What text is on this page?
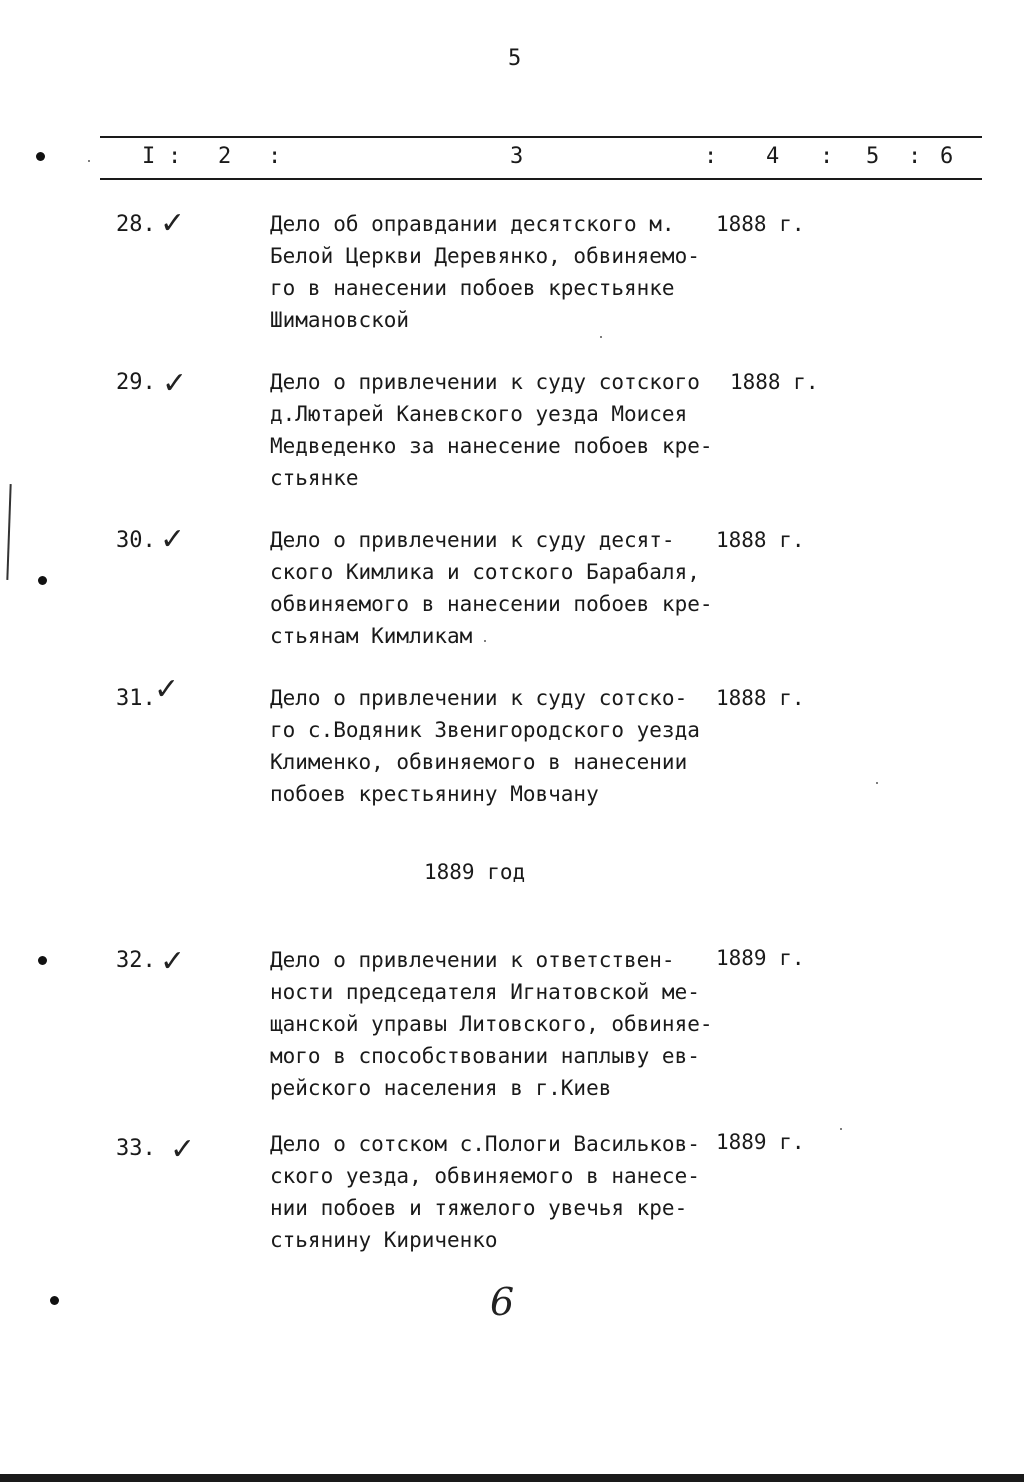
5
I : 2 :	3	: 4 : 5 : 6
28. ✓	Дело об оправдании десятского м.
Белой Церкви Деревянко, обвиняемо-
го в нанесении побоев крестьянке
Шимановской
1888 г.
29. ✓	Дело о привлечении к суду сотского
д.Лютарей Каневского уезда Моисея
Медведенко за нанесение побоев кре-
стьянке
1888 г.
30. ✓	Дело о привлечении к суду десят-
ского Кимлика и сотского Барабаля,
обвиняемого в нанесении побоев кре-
стьянам Кимликам
1888 г.
31.
✓	Дело о привлечении к суду сотско-
го с.Водяник Звенигородского уезда
Клименко, обвиняемого в нанесении
побоев крестьянину Мовчану
1888 г.
1889 год
32. ✓	Дело о привлечении к ответствен-
ности председателя Игнатовской ме-
щанской управы Литовского, обвиняе-
мого в способствовании наплыву ев-
рейского населения в г.Киев
1889 г.
33. ✓	Дело о сотском с.Пологи Васильков-
ского уезда, обвиняемого в нанесе-
нии побоев и тяжелого увечья кре-
стьянину Кириченко
1889 г.
6
